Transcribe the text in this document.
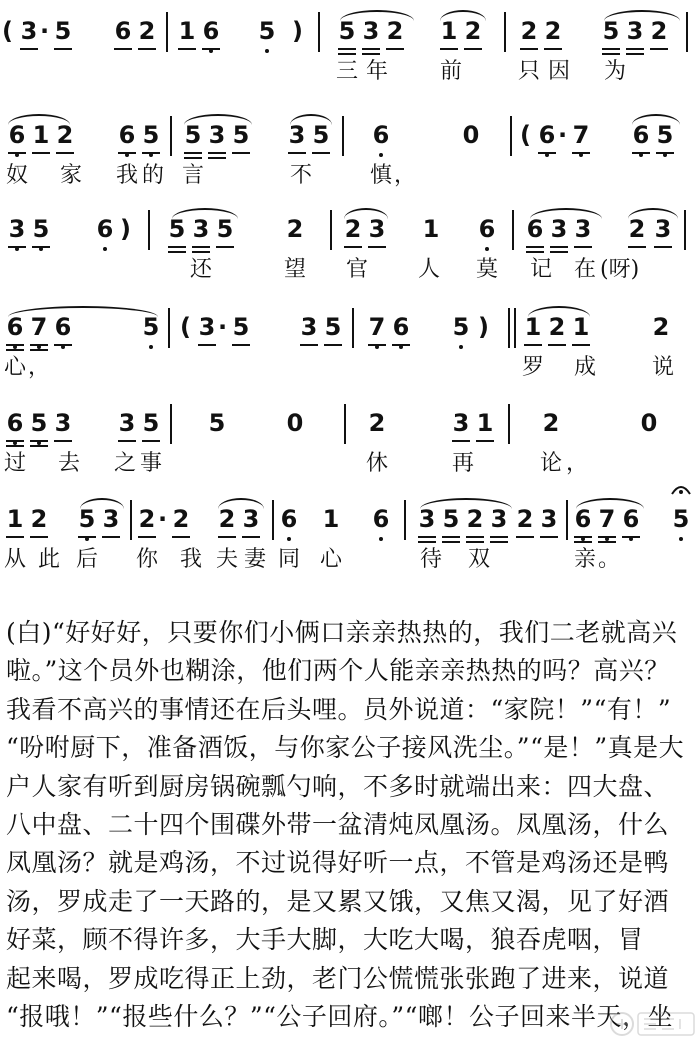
( 3 · 5 6 2 1 6 5 ) 5 3 2 1 2 2 2 5 3 2
三 年 前	只 因 为
6 1 2 6 5 5 3 5 3 5 6	0 ( 6 · 7 6 5
奴 家 我 的 言	不	慎 ，
3 5 6 ) 5 3 5 2 2 3 1 6 6 3 3 2 3
还	望 官 人 莫 记 在 (呀)
6 7 6	5 ( 3 · 5 3 5 7 6 5 ) 1 2 1	2
心 ，	罗 成	说
6 5 3 3 5 5	0	2	3 1 2	0
过 去 之 事	休	再	论 ，
1 2 5 3 2 · 2 2 3 6 1 6 3 5 2 3 2 3 6 7 6 5
从 此 后 你 我 夫 妻 同 心	待 双	亲 。

(白)“好好好，只要你们小俩口亲亲热热的，我们二老就高兴

啦。”这个员外也糊涂，他们两个人能亲亲热热的吗？高兴？

我看不高兴的事情还在后头哩。员外说道：“家院！”“有！”

“吩咐厨下，准备酒饭，与你家公子接风洗尘。”“是！”真是大

户人家有听到厨房锅碗瓢勺响，不多时就端出来：四大盘、

八中盘、二十四个围碟外带一盆清炖凤凰汤。凤凰汤，什么

凤凰汤？就是鸡汤，不过说得好听一点，不管是鸡汤还是鸭

汤，罗成走了一天路的，是又累又饿，又焦又渴，见了好酒

好菜，顾不得许多，大手大脚，大吃大喝，狼吞虎咽，冒

起来喝，罗成吃得正上劲，老门公慌慌张张跑了进来，说道

“报哦！”“报些什么？”“公子回府。”“啷！公子回来半天，坐
